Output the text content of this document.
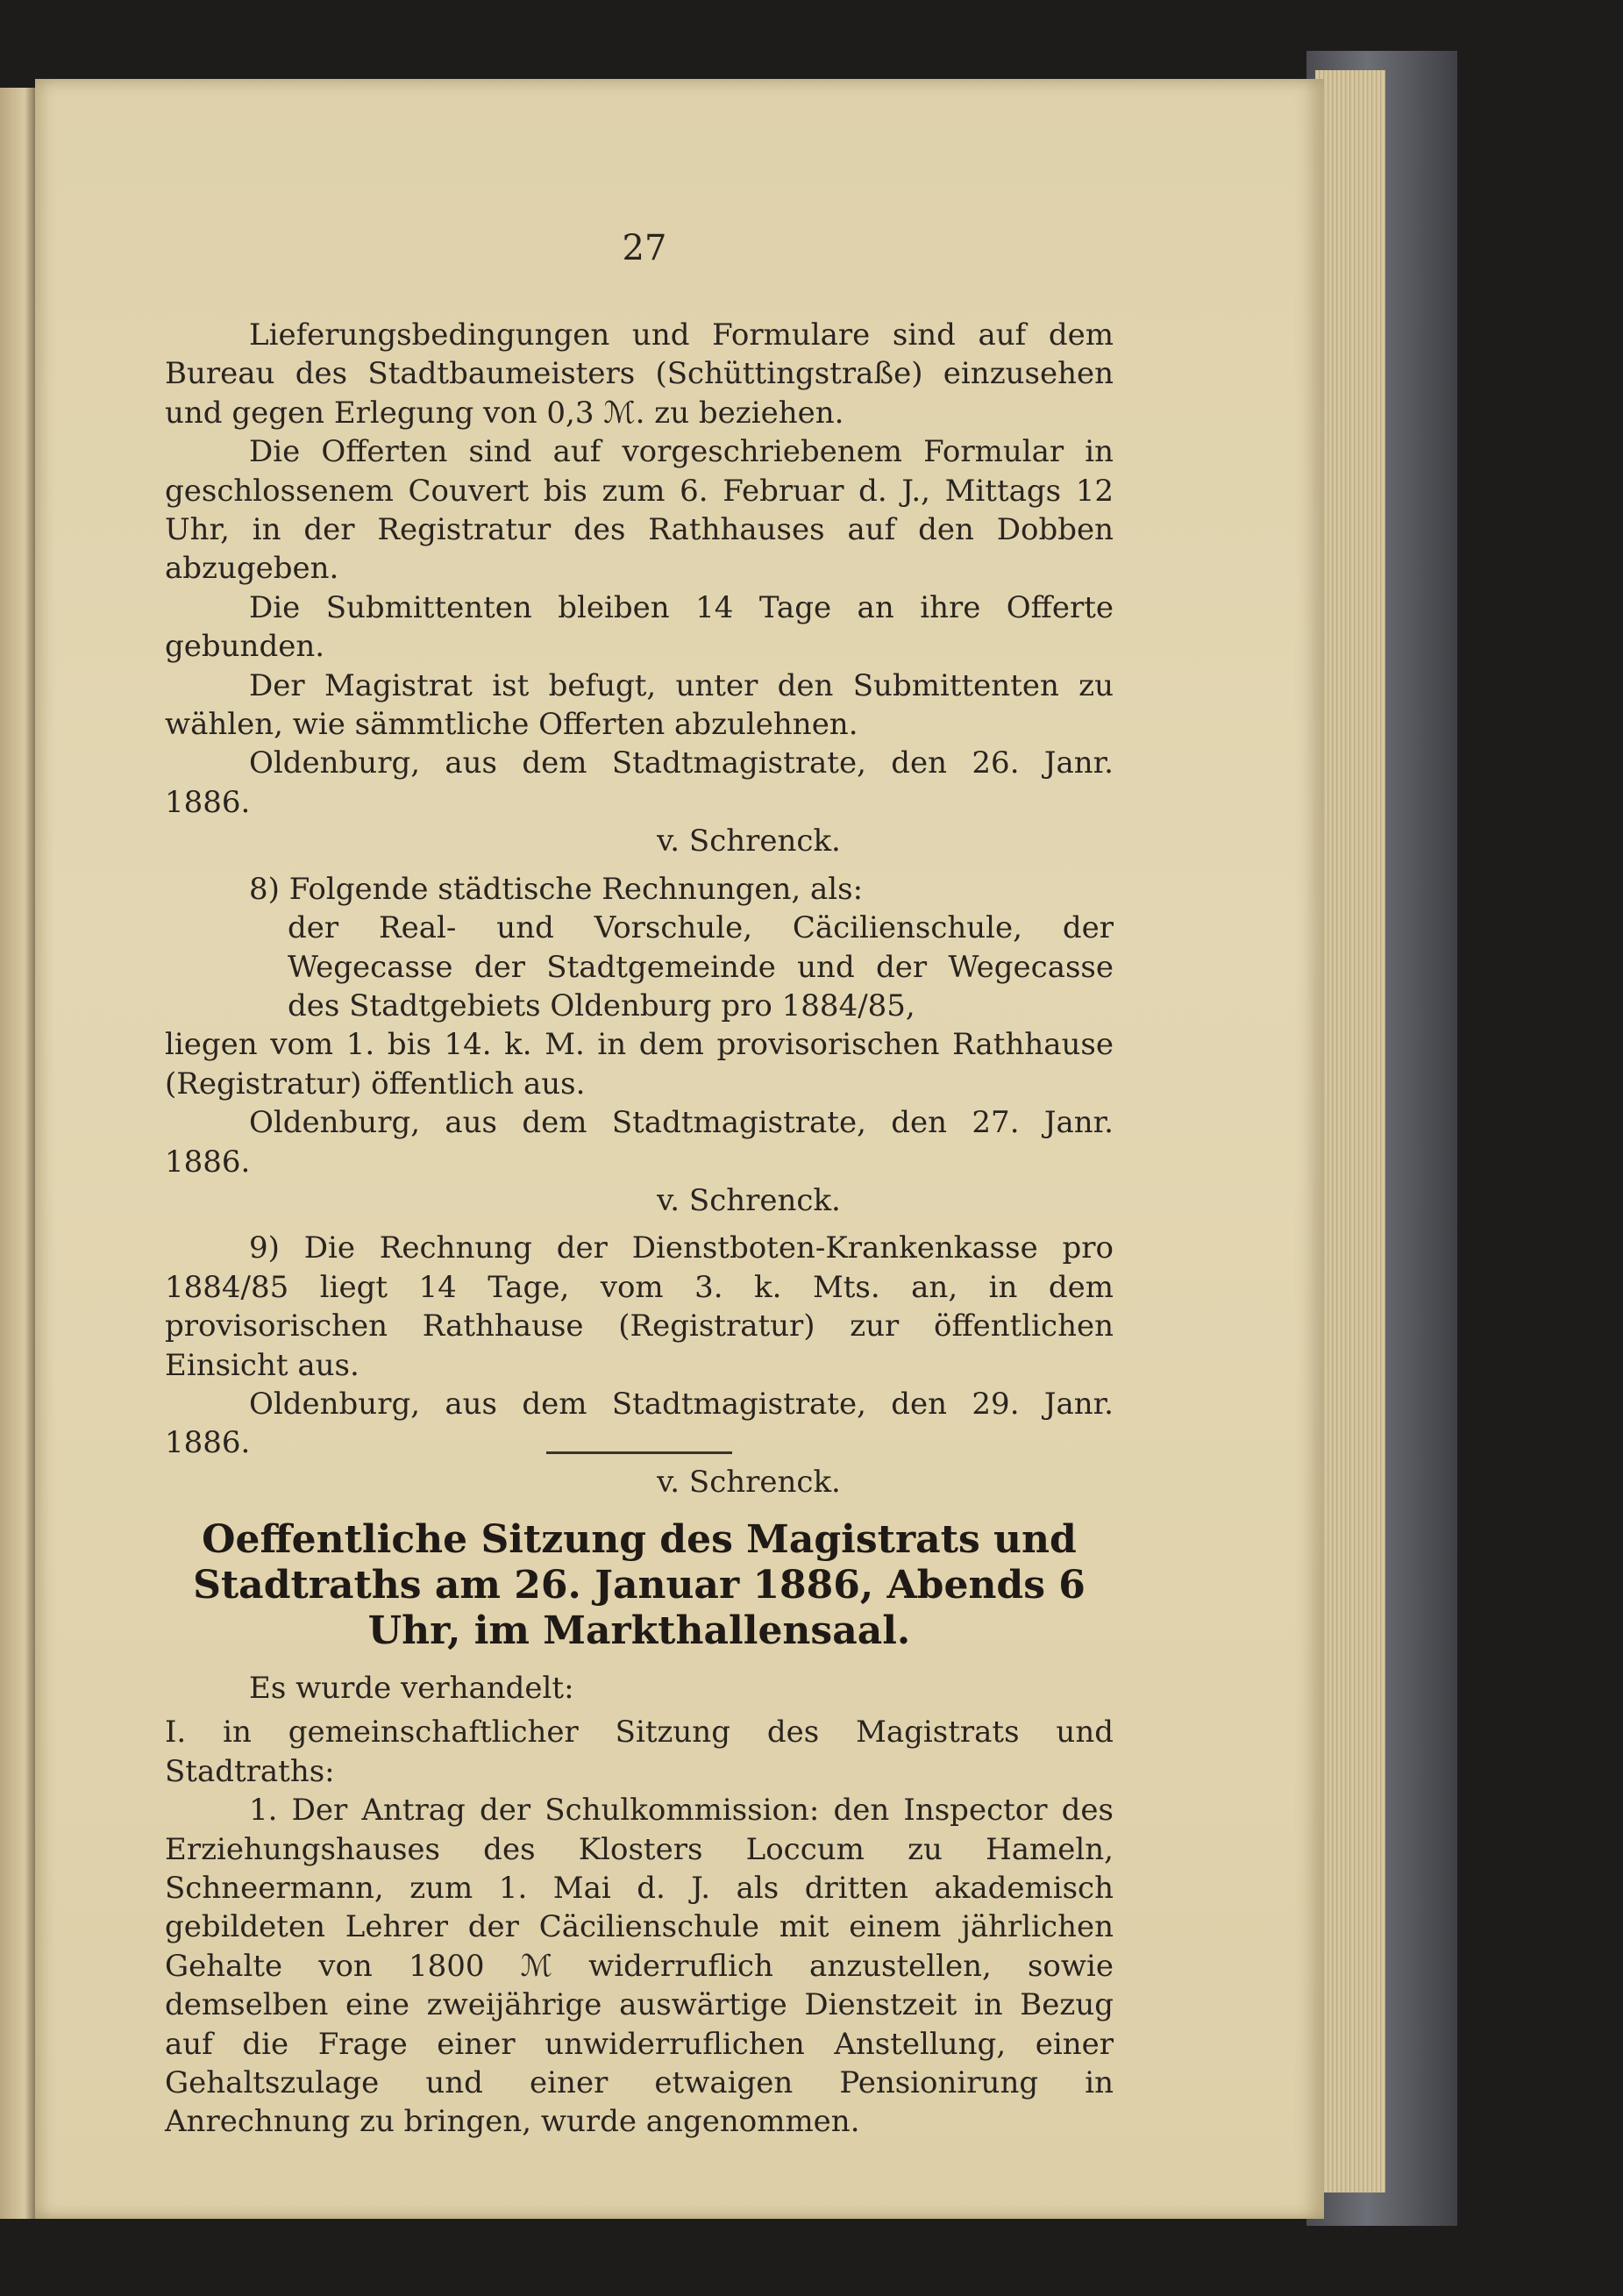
27

Lieferungsbedingungen und Formulare sind auf dem Bureau des Stadtbaumeisters (Schüttingstraße) einzusehen und gegen Erlegung von 0,3 ℳ. zu beziehen.

Die Offerten sind auf vorgeschriebenem Formular in geschlossenem Couvert bis zum 6. Februar d. J., Mittags 12 Uhr, in der Registratur des Rathhauses auf den Dobben abzugeben.

Die Submittenten bleiben 14 Tage an ihre Offerte gebunden.

Der Magistrat ist befugt, unter den Submittenten zu wählen, wie sämmtliche Offerten abzulehnen.

Oldenburg, aus dem Stadtmagistrate, den 26. Janr. 1886.

v. Schrenck.

8) Folgende städtische Rechnungen, als:

der Real- und Vorschule, Cäcilienschule, der Wegecasse der Stadtgemeinde und der Wegecasse des Stadtgebiets Oldenburg pro 1884/85,

liegen vom 1. bis 14. k. M. in dem provisorischen Rathhause (Registratur) öffentlich aus.

Oldenburg, aus dem Stadtmagistrate, den 27. Janr. 1886.

v. Schrenck.

9) Die Rechnung der Dienstboten-Krankenkasse pro 1884/85 liegt 14 Tage, vom 3. k. Mts. an, in dem provisorischen Rathhause (Registratur) zur öffentlichen Einsicht aus.

Oldenburg, aus dem Stadtmagistrate, den 29. Janr. 1886.

v. Schrenck.

Oeffentliche Sitzung des Magistrats und Stadtraths am 26. Januar 1886, Abends 6 Uhr, im Markthallensaal.

Es wurde verhandelt:

I. in gemeinschaftlicher Sitzung des Magistrats und Stadtraths:

1. Der Antrag der Schulkommission: den Inspector des Erziehungshauses des Klosters Loccum zu Hameln, Schneermann, zum 1. Mai d. J. als dritten akademisch gebildeten Lehrer der Cäcilienschule mit einem jährlichen Gehalte von 1800 ℳ widerruflich anzustellen, sowie demselben eine zweijährige auswärtige Dienstzeit in Bezug auf die Frage einer unwiderruflichen Anstellung, einer Gehaltszulage und einer etwaigen Pensionirung in Anrechnung zu bringen, wurde angenommen.
